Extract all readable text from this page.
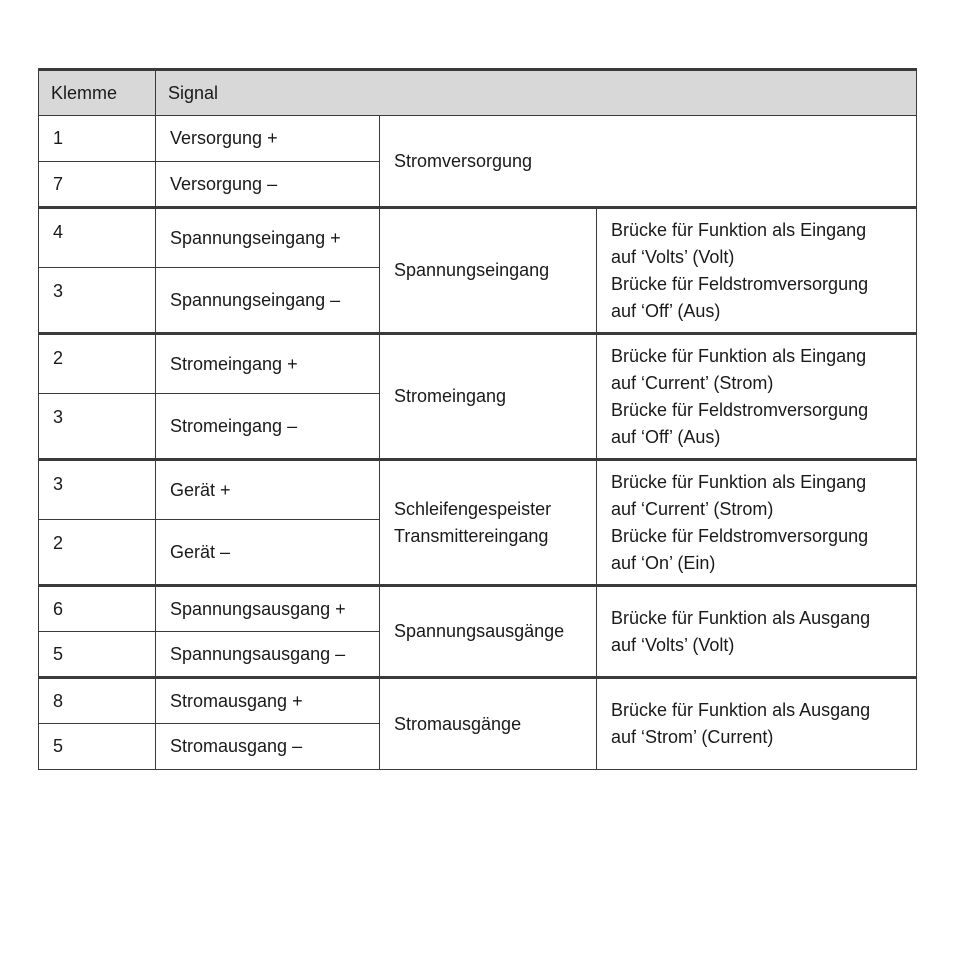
Klemme	Signal		
1	Versorgung +	Stromversorgung	
7	Versorgung –		
4	Spannungseingang +	Spannungseingang	Brücke für Funktion als Eingang
auf ‘Volts’ (Volt)
Brücke für Feldstromversorgung
auf ‘Off’ (Aus)

3	Spannungseingang –		
2	Stromeingang +	Stromeingang	Brücke für Funktion als Eingang
auf ‘Current’ (Strom)
Brücke für Feldstromversorgung
auf ‘Off’ (Aus)

3	Stromeingang –		
3	Gerät +	Schleifengespeister
Transmittereingang	Brücke für Funktion als Eingang
auf ‘Current’ (Strom)
Brücke für Feldstromversorgung
auf ‘On’ (Ein)

2	Gerät –		
6	Spannungsausgang +	Spannungsausgänge	Brücke für Funktion als Ausgang
auf ‘Volts’ (Volt)

5	Spannungsausgang –		
8	Stromausgang +	Stromausgänge	Brücke für Funktion als Ausgang
auf ‘Strom’ (Current)

5	Stromausgang –		
